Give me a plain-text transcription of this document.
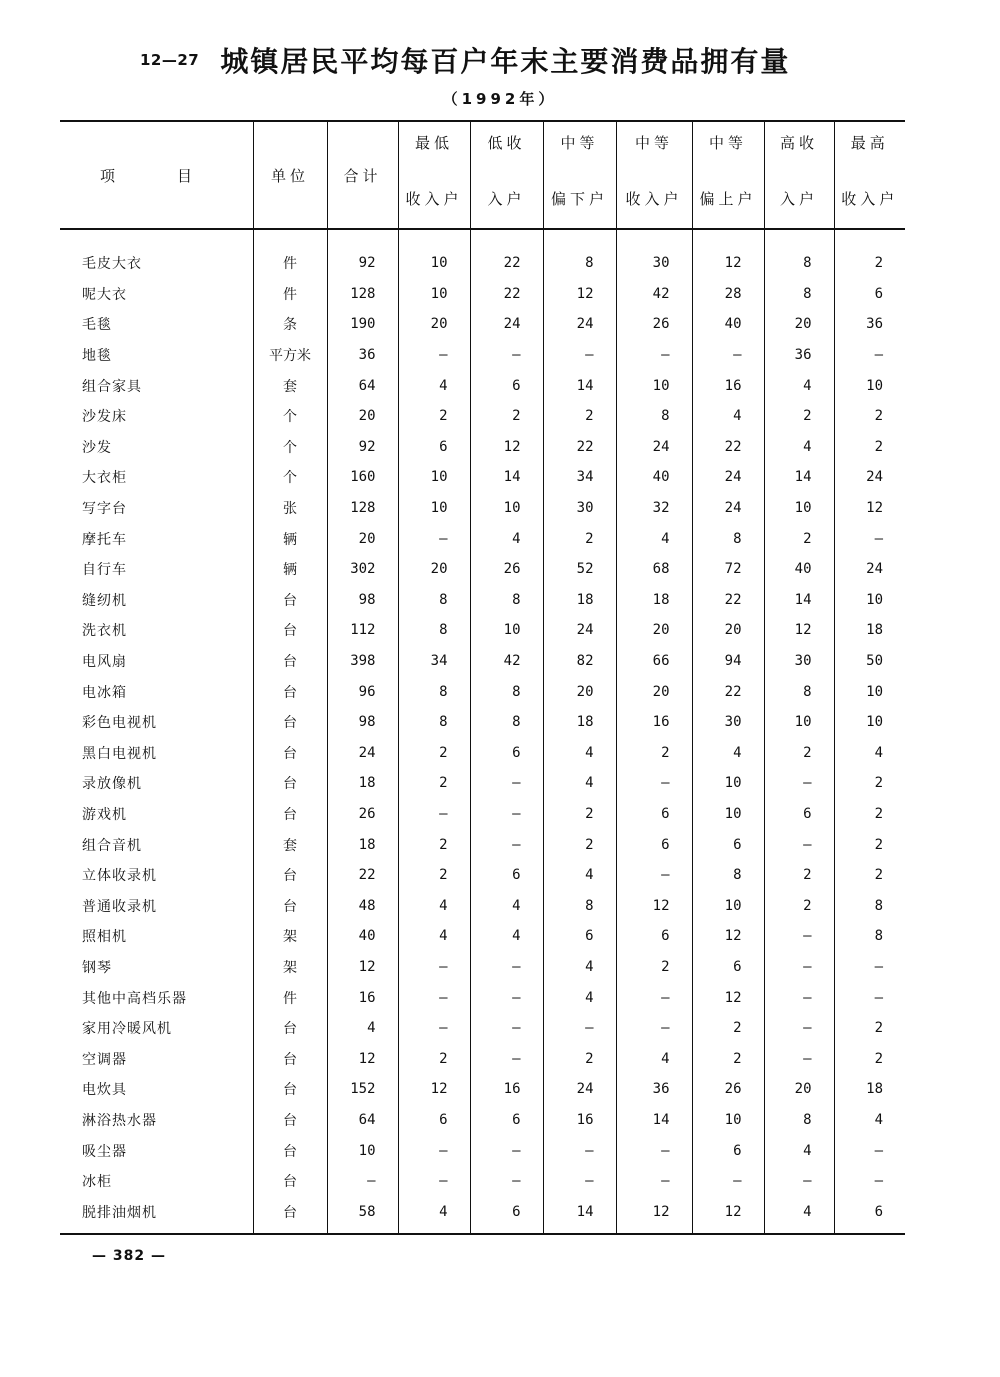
12—27 城镇居民平均每百户年末主要消费品拥有量
（1992年）
项 目	单位	合计	最低	低收	中等	中等	中等	高收	最高
			收入户	入户	偏下户	收入户	偏上户	入户	收入户

毛皮大衣	件	92	10	22	8	30	12	8	2
呢大衣	件	128	10	22	12	42	28	8	6
毛毯	条	190	20	24	24	26	40	20	36
地毯	平方米	36	—	—	—	—	—	36	—
组合家具	套	64	4	6	14	10	16	4	10
沙发床	个	20	2	2	2	8	4	2	2
沙发	个	92	6	12	22	24	22	4	2
大衣柜	个	160	10	14	34	40	24	14	24
写字台	张	128	10	10	30	32	24	10	12
摩托车	辆	20	—	4	2	4	8	2	—
自行车	辆	302	20	26	52	68	72	40	24
缝纫机	台	98	8	8	18	18	22	14	10
洗衣机	台	112	8	10	24	20	20	12	18
电风扇	台	398	34	42	82	66	94	30	50
电冰箱	台	96	8	8	20	20	22	8	10
彩色电视机	台	98	8	8	18	16	30	10	10
黑白电视机	台	24	2	6	4	2	4	2	4
录放像机	台	18	2	—	4	—	10	—	2
游戏机	台	26	—	—	2	6	10	6	2
组合音机	套	18	2	—	2	6	6	—	2
立体收录机	台	22	2	6	4	—	8	2	2
普通收录机	台	48	4	4	8	12	10	2	8
照相机	架	40	4	4	6	6	12	—	8
钢琴	架	12	—	—	4	2	6	—	—
其他中高档乐器	件	16	—	—	4	—	12	—	—
家用冷暖风机	台	4	—	—	—	—	2	—	2
空调器	台	12	2	—	2	4	2	—	2
电炊具	台	152	12	16	24	36	26	20	18
淋浴热水器	台	64	6	6	16	14	10	8	4
吸尘器	台	10	—	—	—	—	6	4	—
冰柜	台	—	—	—	—	—	—	—	—
脱排油烟机	台	58	4	6	14	12	12	4	6
— 382 —
